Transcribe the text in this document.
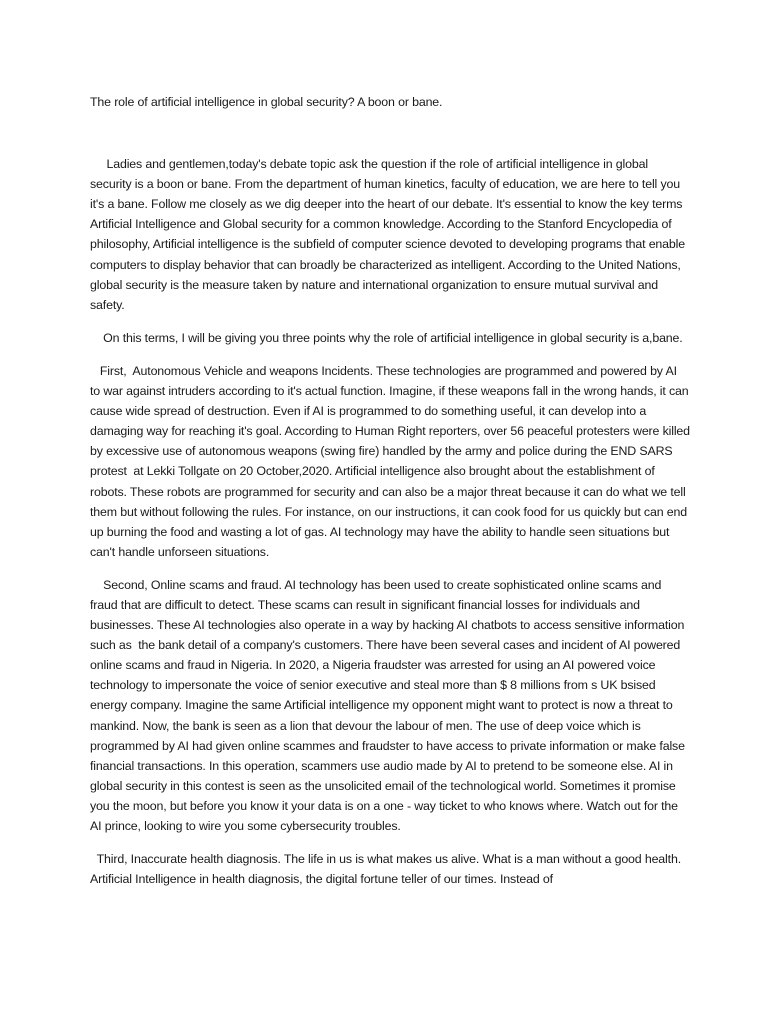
The role of artificial intelligence in global security? A boon or bane.

Ladies and gentlemen,today's debate topic ask the question if the role of artificial intelligence in global security is a boon or bane. From the department of human kinetics, faculty of education, we are here to tell you it's a bane. Follow me closely as we dig deeper into the heart of our debate. It's essential to know the key terms Artificial Intelligence and Global security for a common knowledge. According to the Stanford Encyclopedia of philosophy, Artificial intelligence is the subfield of computer science devoted to developing programs that enable computers to display behavior that can broadly be characterized as intelligent. According to the United Nations, global security is the measure taken by nature and international organization to ensure mutual survival and safety.

On this terms, I will be giving you three points why the role of artificial intelligence in global security is a,bane.

First,  Autonomous Vehicle and weapons Incidents. These technologies are programmed and powered by AI to war against intruders according to it's actual function. Imagine, if these weapons fall in the wrong hands, it can cause wide spread of destruction. Even if AI is programmed to do something useful, it can develop into a damaging way for reaching it's goal. According to Human Right reporters, over 56 peaceful protesters were killed by excessive use of autonomous weapons (swing fire) handled by the army and police during the END SARS protest  at Lekki Tollgate on 20 October,2020. Artificial intelligence also brought about the establishment of robots. These robots are programmed for security and can also be a major threat because it can do what we tell them but without following the rules. For instance, on our instructions, it can cook food for us quickly but can end up burning the food and wasting a lot of gas. AI technology may have the ability to handle seen situations but can't handle unforseen situations.

Second, Online scams and fraud. AI technology has been used to create sophisticated online scams and fraud that are difficult to detect. These scams can result in significant financial losses for individuals and businesses. These AI technologies also operate in a way by hacking AI chatbots to access sensitive information such as  the bank detail of a company's customers. There have been several cases and incident of AI powered online scams and fraud in Nigeria. In 2020, a Nigeria fraudster was arrested for using an AI powered voice technology to impersonate the voice of senior executive and steal more than $ 8 millions from s UK bsised energy company. Imagine the same Artificial intelligence my opponent might want to protect is now a threat to mankind. Now, the bank is seen as a lion that devour the labour of men. The use of deep voice which is programmed by AI had given online scammes and fraudster to have access to private information or make false financial transactions. In this operation, scammers use audio made by AI to pretend to be someone else. AI in global security in this contest is seen as the unsolicited email of the technological world. Sometimes it promise you the moon, but before you know it your data is on a one - way ticket to who knows where. Watch out for the AI prince, looking to wire you some cybersecurity troubles.

Third, Inaccurate health diagnosis. The life in us is what makes us alive. What is a man without a good health. Artificial Intelligence in health diagnosis, the digital fortune teller of our times. Instead of
